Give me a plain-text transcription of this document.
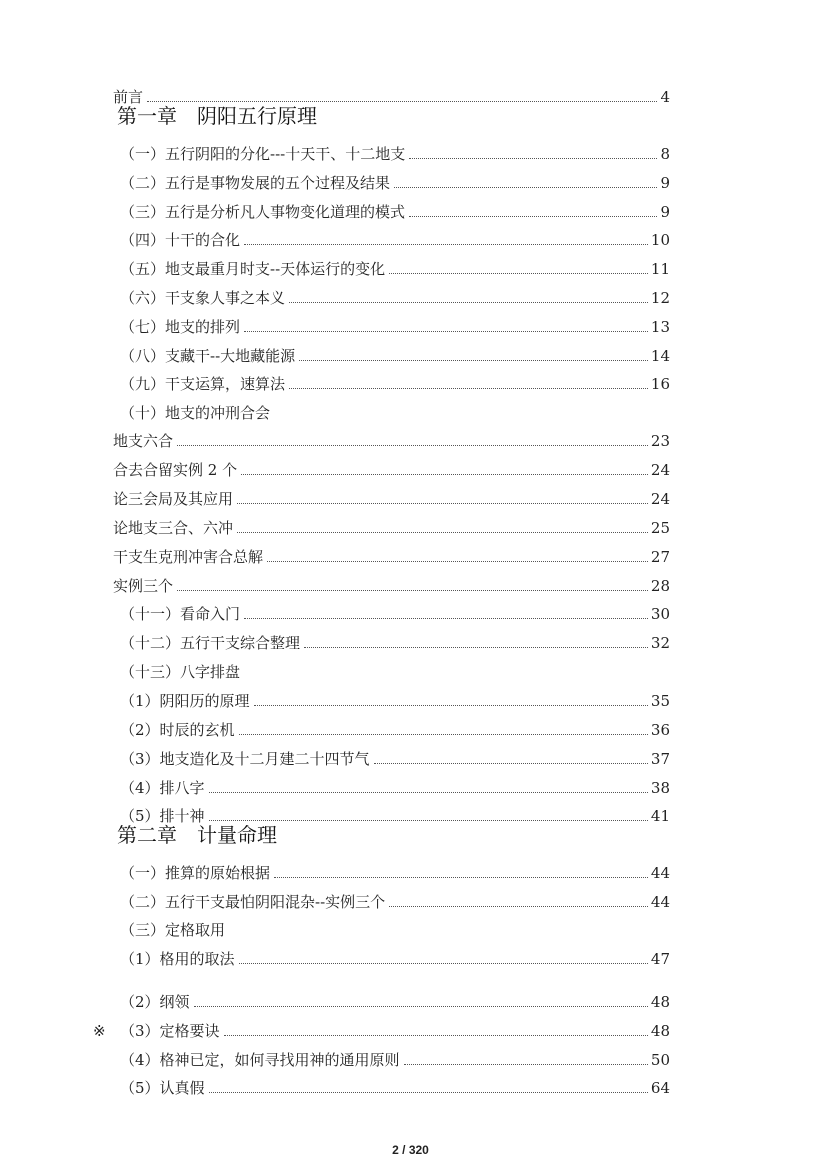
前言	4
第一章　阴阳五行原理
（一）五行阴阳的分化---十天干、十二地支	8
（二）五行是事物发展的五个过程及结果	9
（三）五行是分析凡人事物变化道理的模式	9
（四）十干的合化	10
（五）地支最重月时支--天体运行的变化	11
（六）干支象人事之本义	12
（七）地支的排列	13
（八）支藏干--大地藏能源	14
（九）干支运算，速算法	16
（十）地支的冲刑合会
地支六合	23
合去合留实例 2 个	24
论三会局及其应用	24
论地支三合、六冲	25
干支生克刑冲害合总解	27
实例三个	28
（十一）看命入门	30
（十二）五行干支综合整理	32
（十三）八字排盘
（1）阴阳历的原理	35
（2）时辰的玄机	36
（3）地支造化及十二月建二十四节气	37
（4）排八字	38
（5）排十神	41
第二章　计量命理
（一）推算的原始根据	44
（二）五行干支最怕阴阳混杂--实例三个	44
（三）定格取用
（1）格用的取法	47
（2）纲领	48
※ （3）定格要诀	48
（4）格神已定，如何寻找用神的通用原则	50
（5）认真假	64
2 / 320
